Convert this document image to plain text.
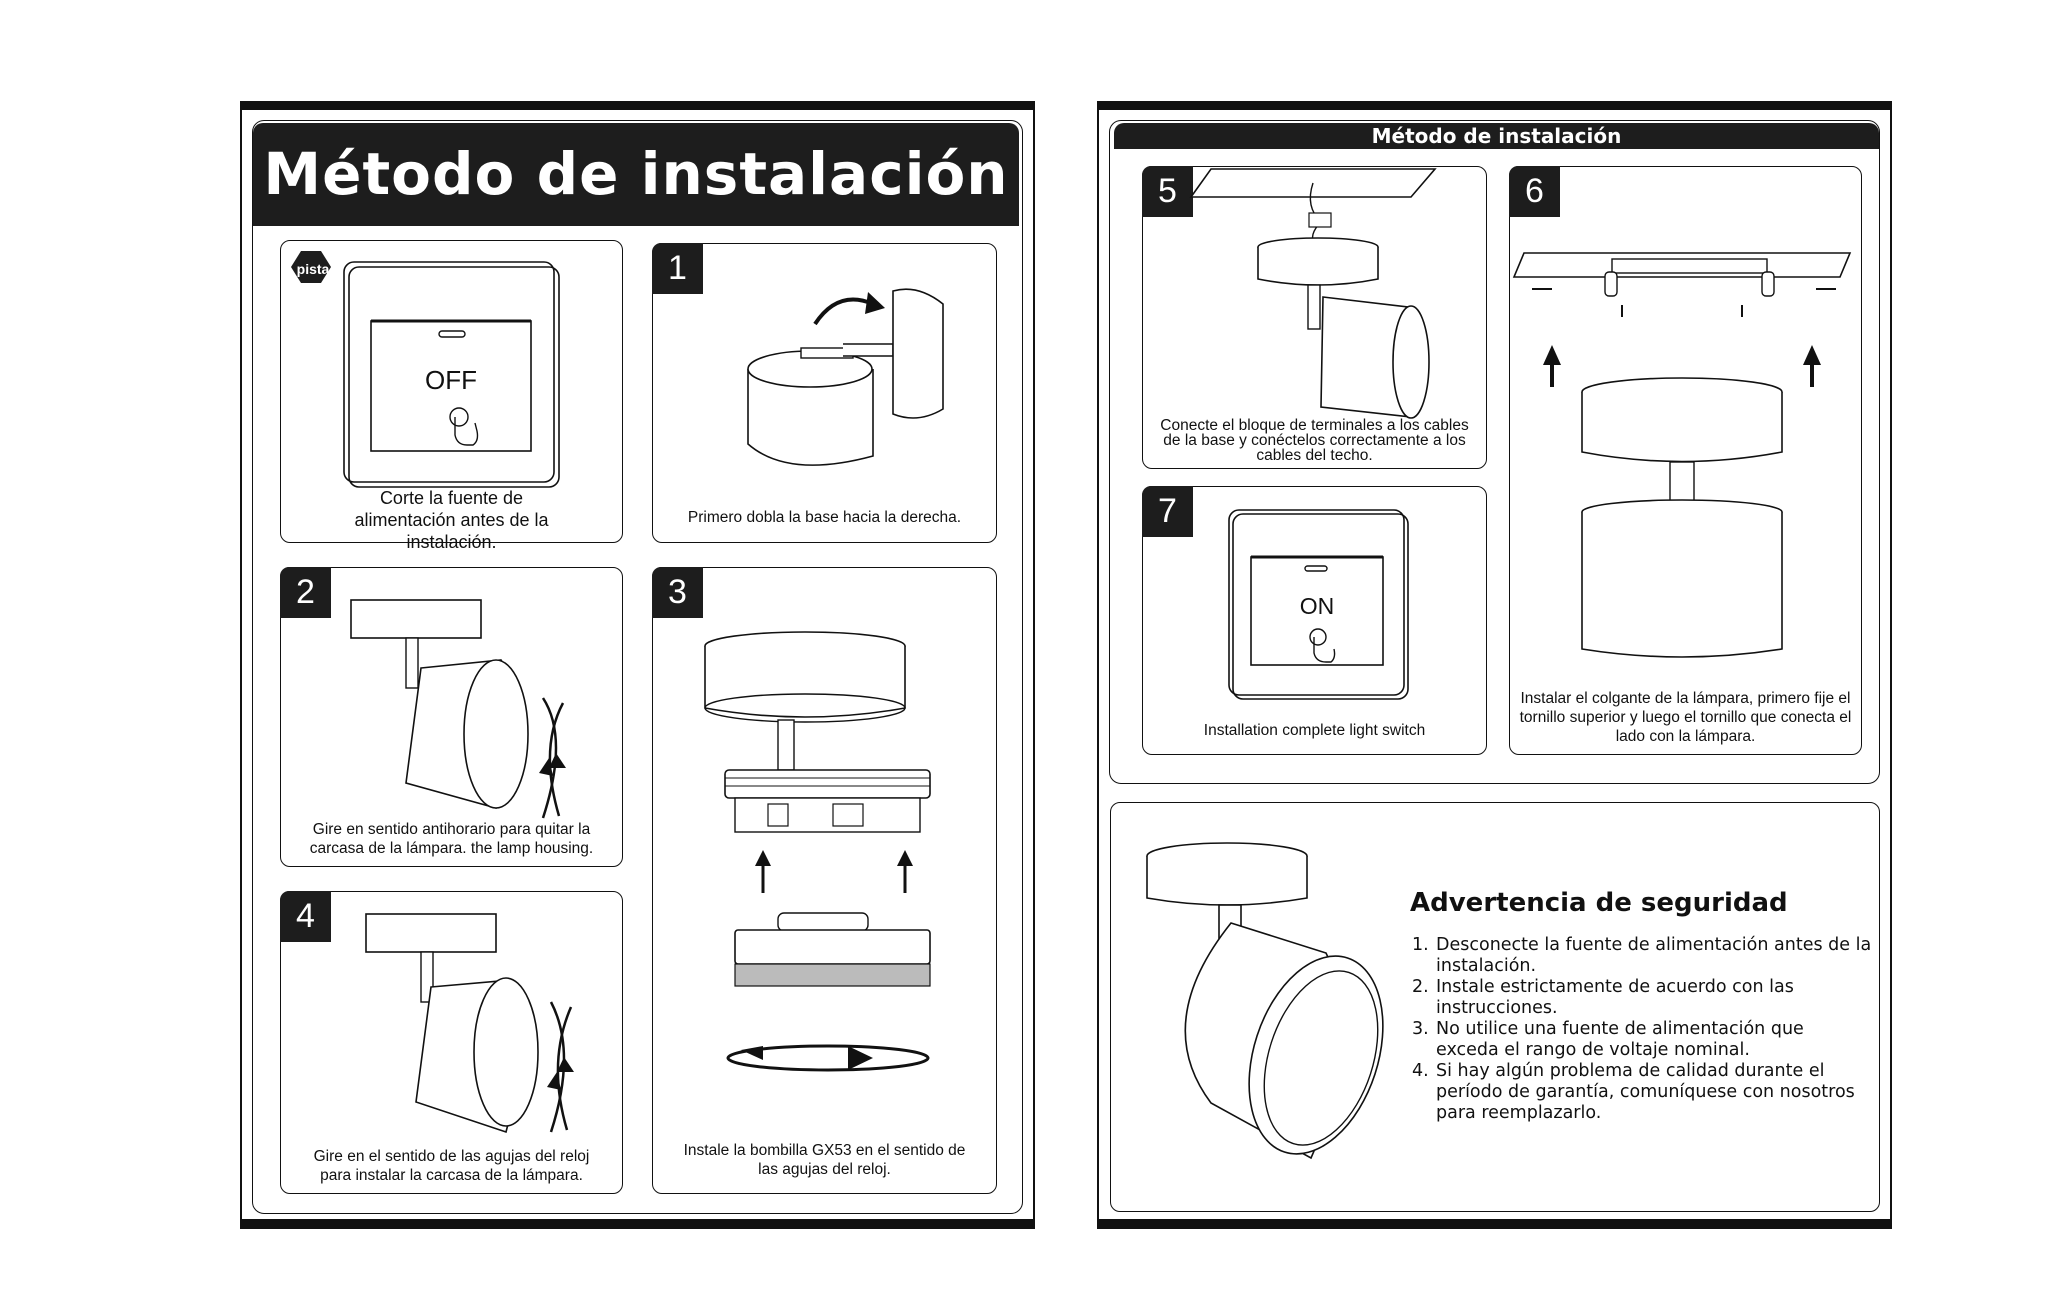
Método de instalación
pista
OFF
Corte la fuente de alimentación antes de la instalación.
1
Primero dobla la base hacia la derecha.
2
Gire en sentido antihorario para quitar la carcasa de la lámpara. the lamp housing.
3
Instale la bombilla GX53 en el sentido de las agujas del reloj.
4
Gire en el sentido de las agujas del reloj para instalar la carcasa de la lámpara.
Método de instalación
5
Conecte el bloque de terminales a los cables de la base y conéctelos correctamente a los cables del techo.
6
Instalar el colgante de la lámpara, primero fije el tornillo superior y luego el tornillo que conecta el lado con la lámpara.
7
ON
Installation complete light switch
Advertencia de seguridad
1. Desconecte la fuente de alimentación antes de la instalación.
2. Instale estrictamente de acuerdo con las instrucciones.
3. No utilice una fuente de alimentación que exceda el rango de voltaje nominal.
4. Si hay algún problema de calidad durante el período de garantía, comuníquese con nosotros para reemplazarlo.
